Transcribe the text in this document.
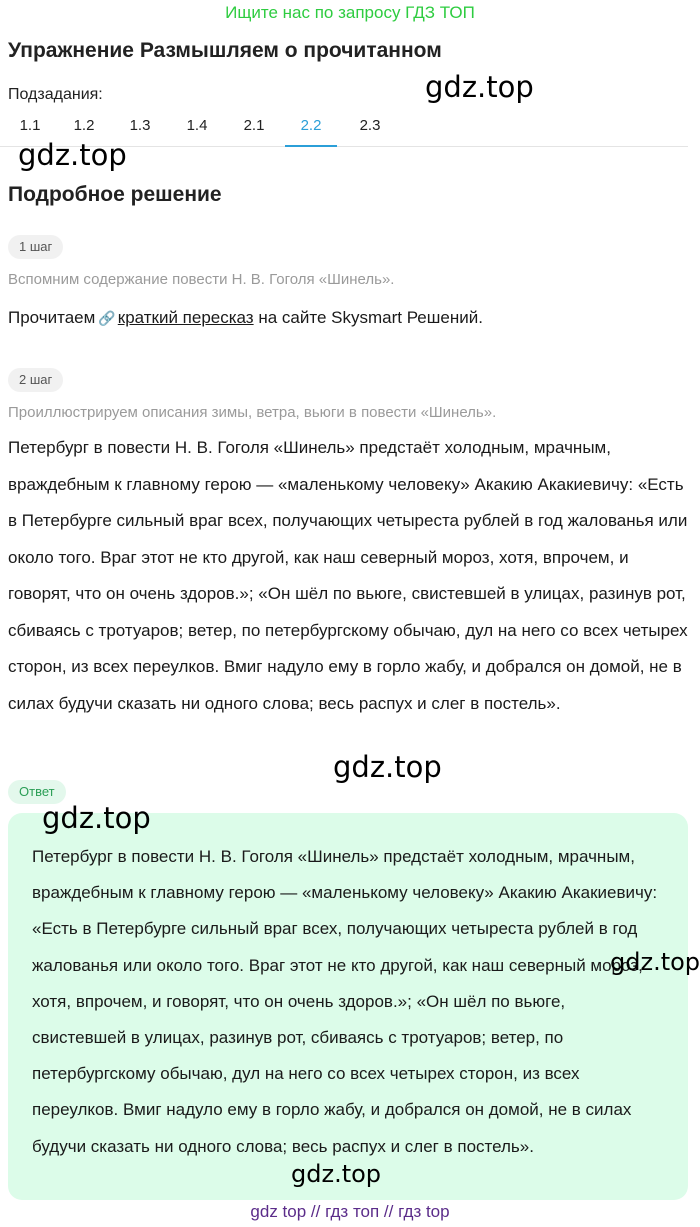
Ищите нас по запросу ГДЗ ТОП
Упражнение Размышляем о прочитанном
gdz.top
Подзадания:
1.1	1.2	1.3	1.4	2.1	2.2	2.3
gdz.top
Подробное решение
1 шаг
Вспомним содержание повести Н. В. Гоголя «Шинель».
Прочитаем 🔗 краткий пересказ на сайте Skysmart Решений.
2 шаг
Проиллюстрируем описания зимы, ветра, вьюги в повести «Шинель».
Петербург в повести Н. В. Гоголя «Шинель» предстаёт холодным, мрачным, враждебным к главному герою — «маленькому человеку» Акакию Акакиевичу: «Есть в Петербурге сильный враг всех, получающих четыреста рублей в год жалованья или около того. Враг этот не кто другой, как наш северный мороз, хотя, впрочем, и говорят, что он очень здоров.»; «Он шёл по вьюге, свистевшей в улицах, разинув рот, сбиваясь с тротуаров; ветер, по петербургскому обычаю, дул на него со всех четырех сторон, из всех переулков. Вмиг надуло ему в горло жабу, и добрался он домой, не в силах будучи сказать ни одного слова; весь распух и слег в постель».
gdz.top
Ответ
Петербург в повести Н. В. Гоголя «Шинель» предстаёт холодным, мрачным, враждебным к главному герою — «маленькому человеку» Акакию Акакиевичу: «Есть в Петербурге сильный враг всех, получающих четыреста рублей в год жалованья или около того. Враг этот не кто другой, как наш северный мороз, хотя, впрочем, и говорят, что он очень здоров.»; «Он шёл по вьюге, свистевшей в улицах, разинув рот, сбиваясь с тротуаров; ветер, по петербургскому обычаю, дул на него со всех четырех сторон, из всех переулков. Вмиг надуло ему в горло жабу, и добрался он домой, не в силах будучи сказать ни одного слова; весь распух и слег в постель».
gdz.top
gdz.top
gdz.top
gdz top // гдз топ // гдз top
